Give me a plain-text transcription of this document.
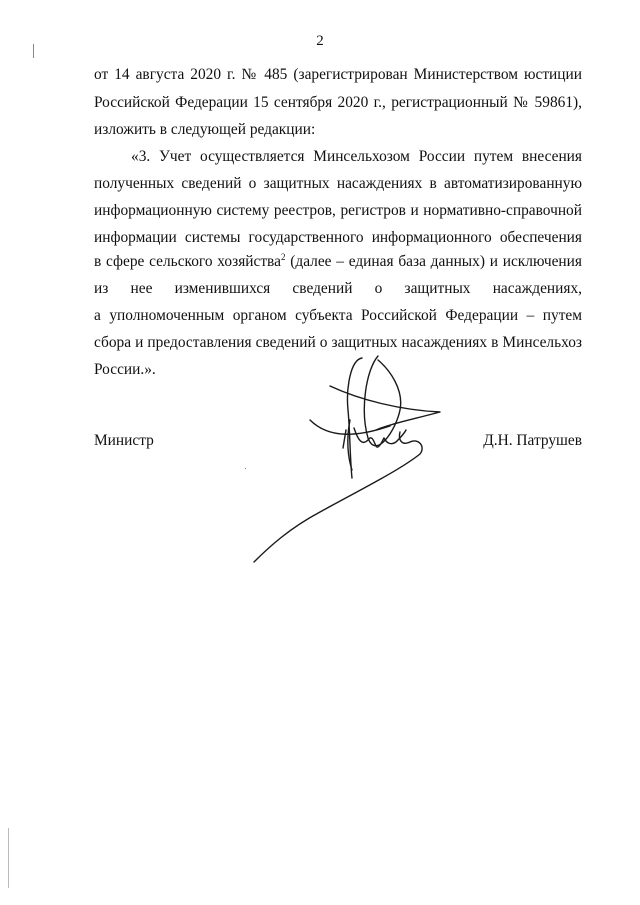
2
от 14 августа 2020 г. № 485 (зарегистрирован Министерством юстиции
Российской Федерации 15 сентября 2020 г., регистрационный № 59861),
изложить в следующей редакции:
«3. Учет осуществляется Минсельхозом России путем внесения
полученных сведений о защитных насаждениях в автоматизированную
информационную систему реестров, регистров и нормативно-справочной
информации системы государственного информационного обеспечения
в сфере сельского хозяйства$^2$ (далее – единая база данных) и исключения
из нее изменившихся сведений о защитных насаждениях,
а уполномоченным органом субъекта Российской Федерации – путем
сбора и предоставления сведений о защитных насаждениях в Минсельхоз
России.».
Министр	Д.Н. Патрушев
